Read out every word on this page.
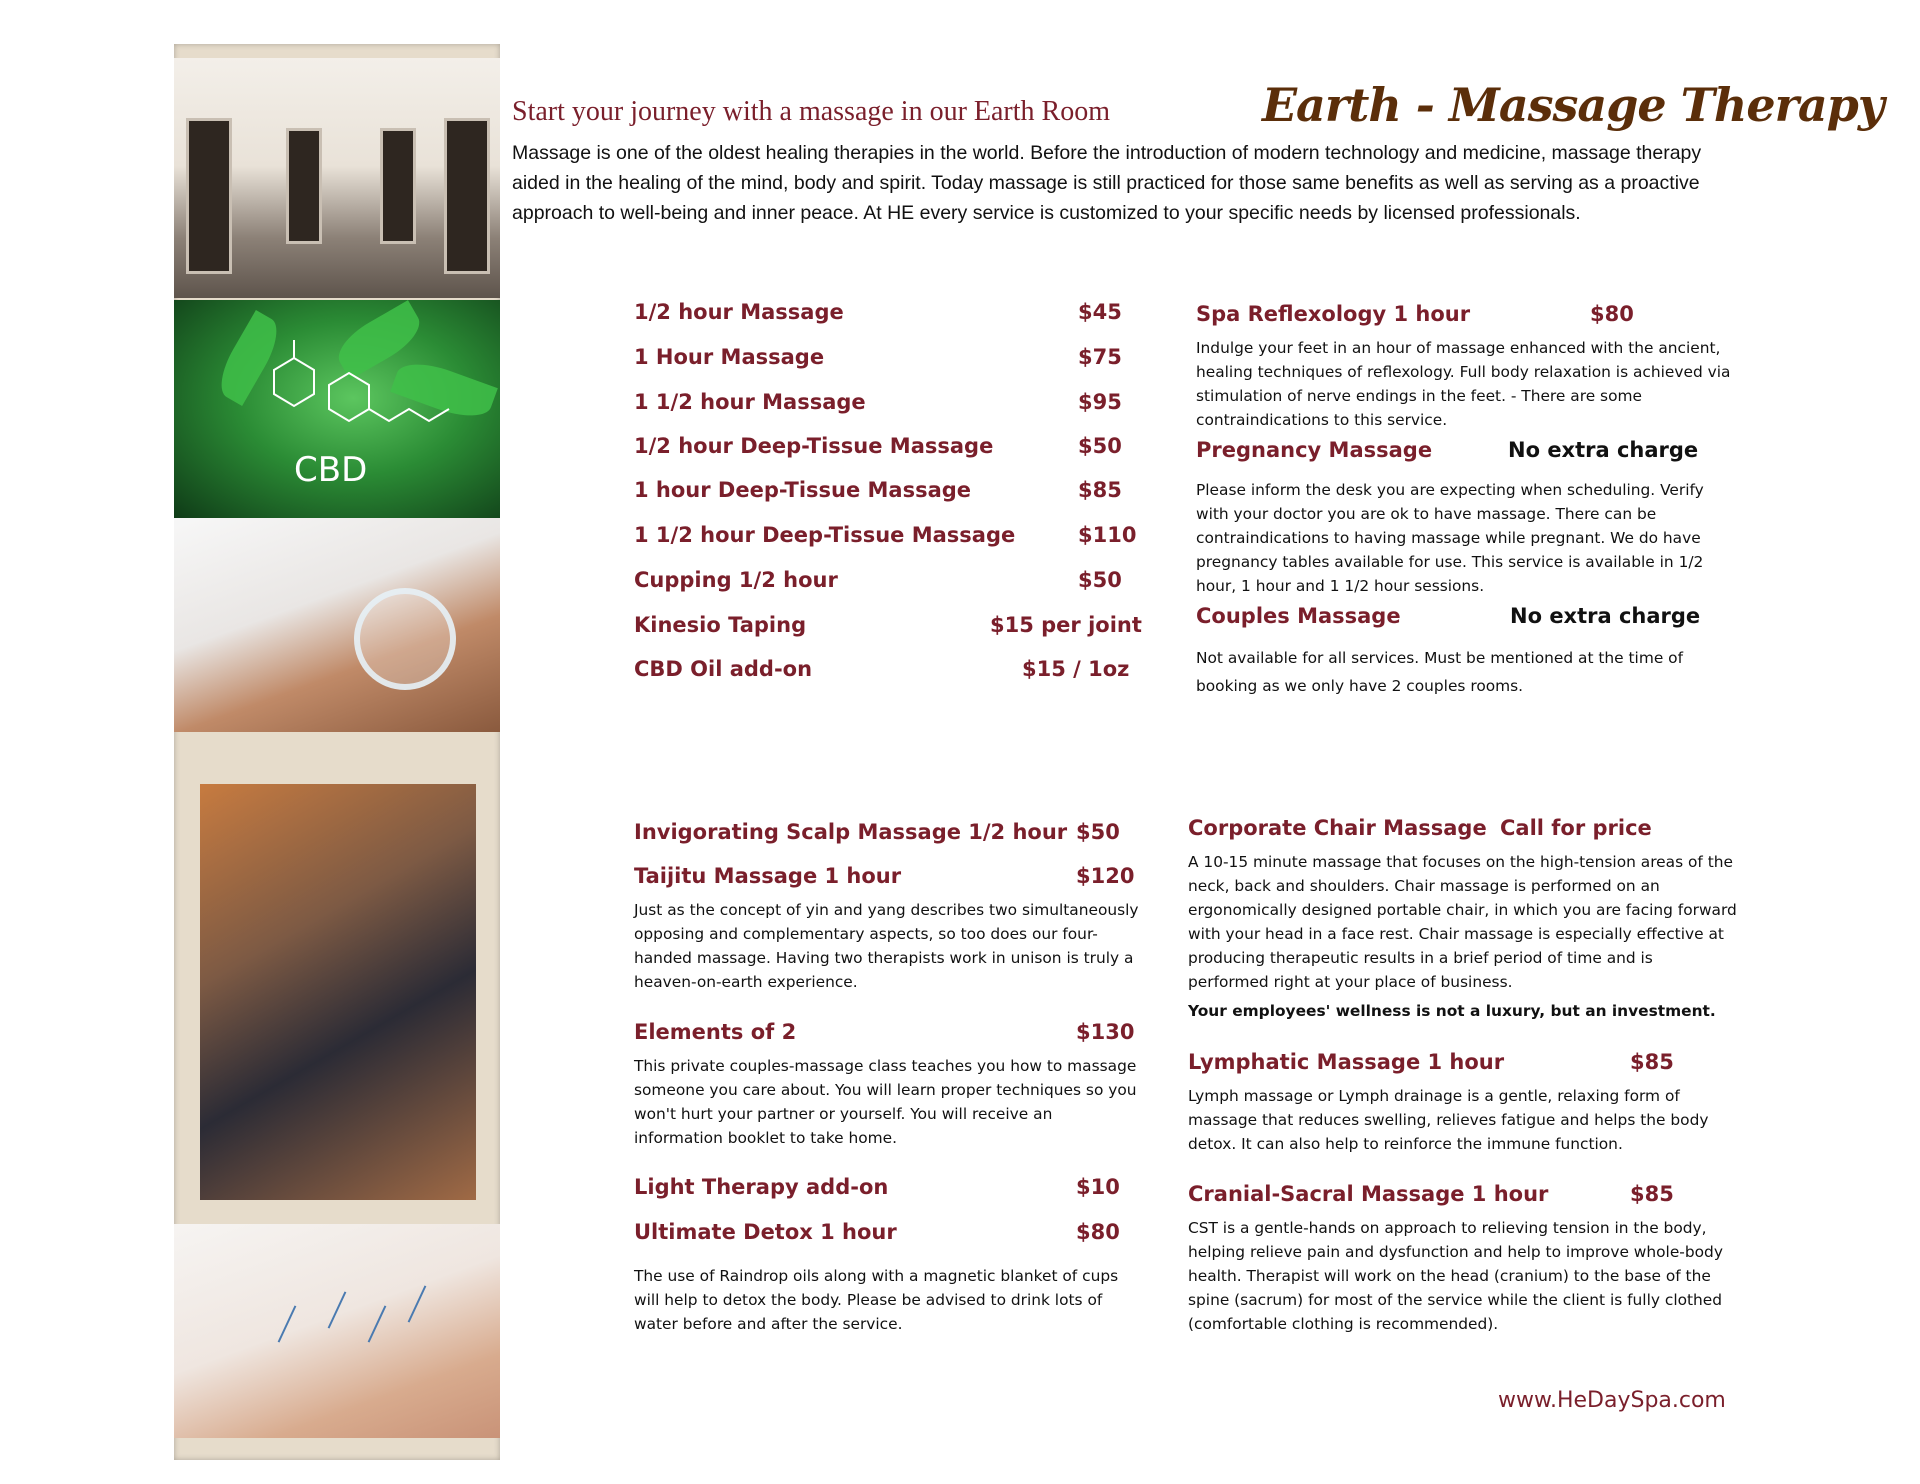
CBD
Start your journey with a massage in our Earth Room	Earth - Massage Therapy
Massage is one of the oldest healing therapies in the world. Before the introduction of modern technology and medicine, massage therapy aided in the healing of the mind, body and spirit. Today massage is still practiced for those same benefits as well as serving as a proactive approach to well-being and inner peace. At HE every service is customized to your specific needs by licensed professionals.
1/2 hour Massage	$45
1 Hour Massage	$75
1 1/2 hour Massage	$95
1/2 hour Deep-Tissue Massage	$50
1 hour Deep-Tissue Massage	$85
1 1/2 hour Deep-Tissue Massage	$110
Cupping 1/2 hour	$50
Kinesio Taping	$15 per joint
CBD Oil add-on	$15 / 1oz
Spa Reflexology 1 hour	$80
Indulge your feet in an hour of massage enhanced with the ancient, healing techniques of reflexology. Full body relaxation is achieved via stimulation of nerve endings in the feet. - There are some contraindications to this service.
Pregnancy Massage	No extra charge
Please inform the desk you are expecting when scheduling. Verify with your doctor you are ok to have massage. There can be contraindications to having massage while pregnant. We do have pregnancy tables available for use. This service is available in 1/2 hour, 1 hour and 1 1/2 hour sessions.
Couples Massage	No extra charge
Not available for all services. Must be mentioned at the time of booking as we only have 2 couples rooms.
Invigorating Scalp Massage 1/2 hour $50
Taijitu Massage 1 hour	$120
Just as the concept of yin and yang describes two simultaneously opposing and complementary aspects, so too does our four-handed massage. Having two therapists work in unison is truly a heaven-on-earth experience.
Elements of 2	$130
This private couples-massage class teaches you how to massage someone you care about. You will learn proper techniques so you won't hurt your partner or yourself. You will receive an information booklet to take home.
Light Therapy add-on	$10
Ultimate Detox 1 hour	$80
The use of Raindrop oils along with a magnetic blanket of cups will help to detox the body. Please be advised to drink lots of water before and after the service.
Corporate Chair Massage Call for price
A 10-15 minute massage that focuses on the high-tension areas of the neck, back and shoulders. Chair massage is performed on an ergonomically designed portable chair, in which you are facing forward with your head in a face rest. Chair massage is especially effective at producing therapeutic results in a brief period of time and is performed right at your place of business.
Your employees' wellness is not a luxury, but an investment.
Lymphatic Massage 1 hour	$85
Lymph massage or Lymph drainage is a gentle, relaxing form of massage that reduces swelling, relieves fatigue and helps the body detox. It can also help to reinforce the immune function.
Cranial-Sacral Massage 1 hour	$85
CST is a gentle-hands on approach to relieving tension in the body, helping relieve pain and dysfunction and help to improve whole-body health. Therapist will work on the head (cranium) to the base of the spine (sacrum) for most of the service while the client is fully clothed (comfortable clothing is recommended).
www.HeDaySpa.com
